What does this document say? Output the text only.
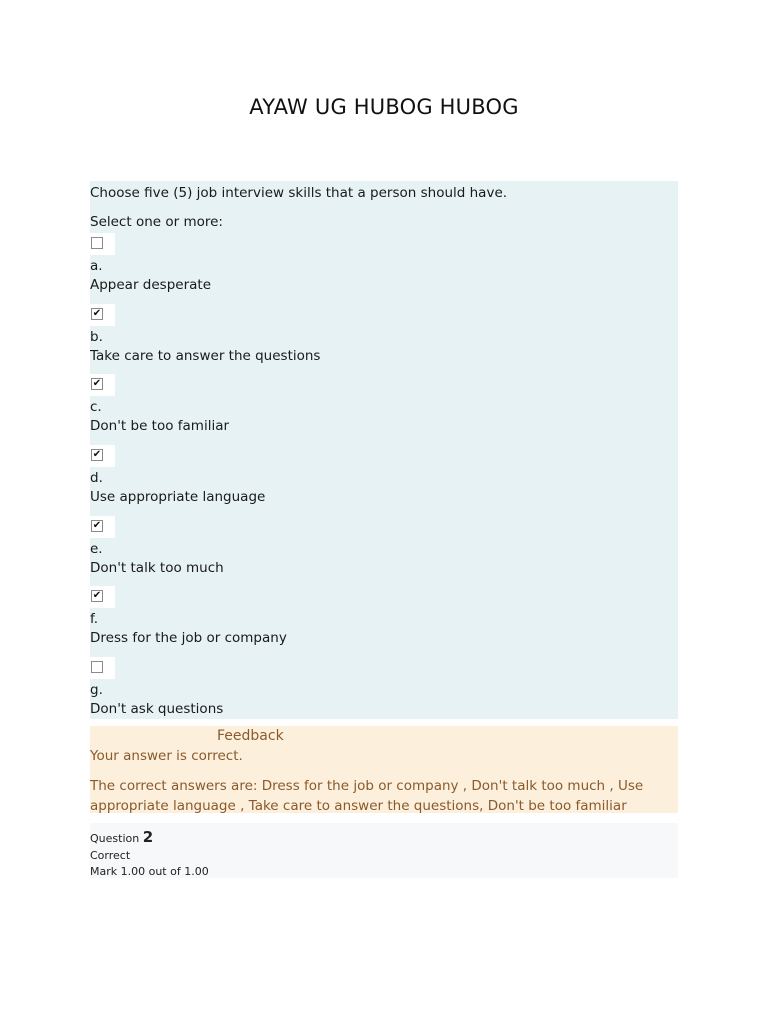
AYAW UG HUBOG HUBOG
Choose five (5) job interview skills that a person should have.
Select one or more:
a.
Appear desperate
✔
b.
Take care to answer the questions
✔
c.
Don't be too familiar
✔
d.
Use appropriate language
✔
e.
Don't talk too much
✔
f.
Dress for the job or company
g.
Don't ask questions
Feedback
Your answer is correct.
The correct answers are: Dress for the job or company , Don't talk too much , Use appropriate language , Take care to answer the questions, Don't be too familiar
Question 2
Correct
Mark 1.00 out of 1.00
